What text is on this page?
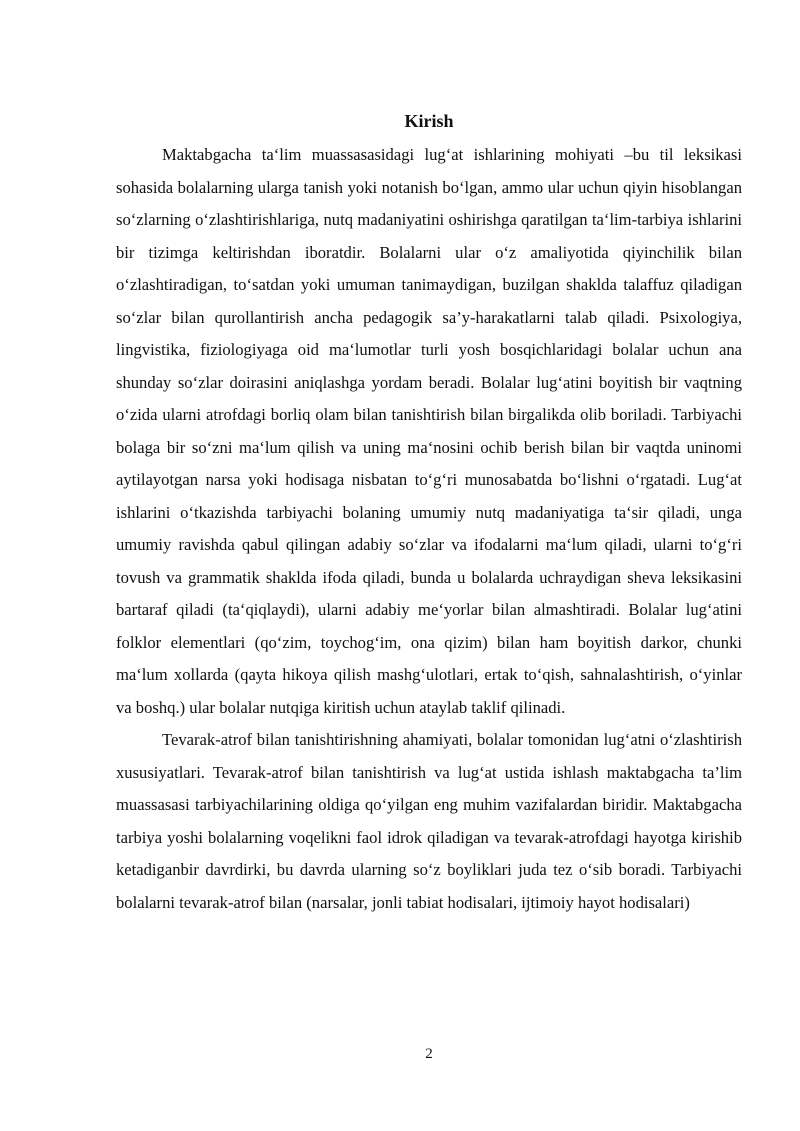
Kirish

Maktabgacha ta‘lim muassasasidagi lug‘at ishlarining mohiyati –bu til leksikasi sohasida bolalarning ularga tanish yoki notanish bo‘lgan, ammo ular uchun qiyin hisoblangan so‘zlarning o‘zlashtirishlariga, nutq madaniyatini oshirishga qaratilgan ta‘lim-tarbiya ishlarini bir tizimga keltirishdan iboratdir. Bolalarni ular o‘z amaliyotida qiyinchilik bilan o‘zlashtiradigan, to‘satdan yoki umuman tanimaydigan, buzilgan shaklda talaffuz qiladigan so‘zlar bilan qurollantirish ancha pedagogik sa’y-harakatlarni talab qiladi. Psixologiya, lingvistika, fiziologiyaga oid ma‘lumotlar turli yosh bosqichlaridagi bolalar uchun ana shunday so‘zlar doirasini aniqlashga yordam beradi. Bolalar lug‘atini boyitish bir vaqtning o‘zida ularni atrofdagi borliq olam bilan tanishtirish bilan birgalikda olib boriladi. Tarbiyachi bolaga bir so‘zni ma‘lum qilish va uning ma‘nosini ochib berish bilan bir vaqtda uninomi aytilayotgan narsa yoki hodisaga nisbatan to‘g‘ri munosabatda bo‘lishni o‘rgatadi. Lug‘at ishlarini o‘tkazishda tarbiyachi bolaning umumiy nutq madaniyatiga ta‘sir qiladi, unga umumiy ravishda qabul qilingan adabiy so‘zlar va ifodalarni ma‘lum qiladi, ularni to‘g‘ri tovush va grammatik shaklda ifoda qiladi, bunda u bolalarda uchraydigan sheva leksikasini bartaraf qiladi (ta‘qiqlaydi), ularni adabiy me‘yorlar bilan almashtiradi. Bolalar lug‘atini folklor elementlari (qo‘zim, toychog‘im, ona qizim) bilan ham boyitish darkor, chunki ma‘lum xollarda (qayta hikoya qilish mashg‘ulotlari, ertak to‘qish, sahnalashtirish, o‘yinlar va boshq.) ular bolalar nutqiga kiritish uchun ataylab taklif qilinadi.

Tevarak-atrof bilan tanishtirishning ahamiyati, bolalar tomonidan lug‘atni o‘zlashtirish xususiyatlari. Tevarak-atrof bilan tanishtirish va lug‘at ustida ishlash maktabgacha ta’lim muassasasi tarbiyachilarining oldiga qo‘yilgan eng muhim vazifalardan biridir. Maktabgacha tarbiya yoshi bolalarning voqelikni faol idrok qiladigan va tevarak-atrofdagi hayotga kirishib ketadiganbir davrdirki, bu davrda ularning so‘z boyliklari juda tez o‘sib boradi. Tarbiyachi bolalarni tevarak-atrof bilan (narsalar, jonli tabiat hodisalari, ijtimoiy hayot hodisalari)

2
